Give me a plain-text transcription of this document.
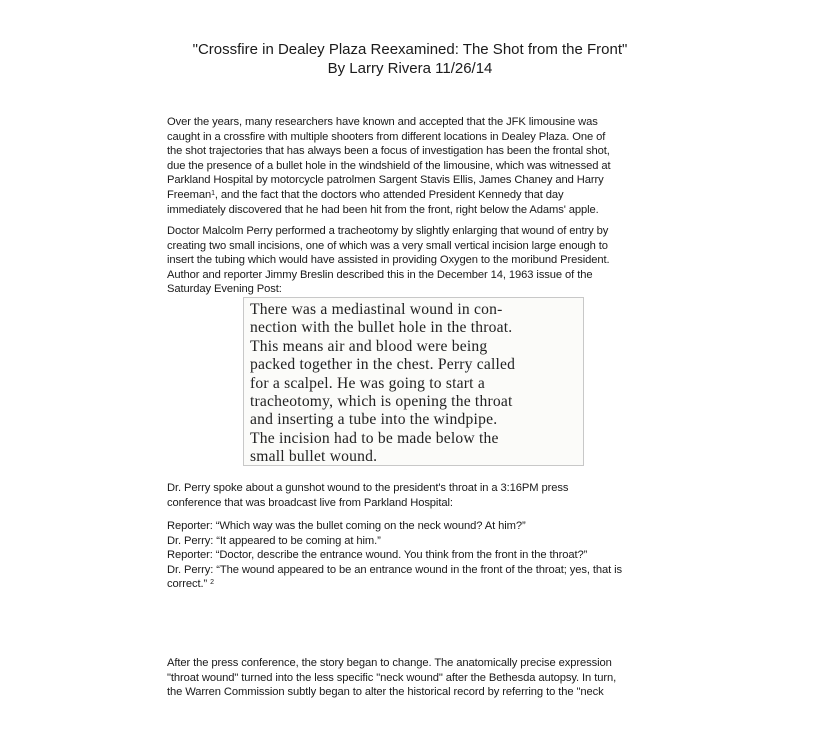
"Crossfire in Dealey Plaza Reexamined: The Shot from the Front"
By Larry Rivera 11/26/14
Over the years, many researchers have known and accepted that the JFK limousine was
caught in a crossfire with multiple shooters from different locations in Dealey Plaza. One of
the shot trajectories that has always been a focus of investigation has been the frontal shot,
due the presence of a bullet hole in the windshield of the limousine, which was witnessed at
Parkland Hospital by motorcycle patrolmen Sargent Stavis Ellis, James Chaney and Harry
Freeman$^1$, and the fact that the doctors who attended President Kennedy that day
immediately discovered that he had been hit from the front, right below the Adams' apple.
Doctor Malcolm Perry performed a tracheotomy by slightly enlarging that wound of entry by
creating two small incisions, one of which was a very small vertical incision large enough to
insert the tubing which would have assisted in providing Oxygen to the moribund President.
Author and reporter Jimmy Breslin described this in the December 14, 1963 issue of the
Saturday Evening Post:
There was a mediastinal wound in con-
nection with the bullet hole in the throat.
This means air and blood were being
packed together in the chest. Perry called
for a scalpel. He was going to start a
tracheotomy, which is opening the throat
and inserting a tube into the windpipe.
The incision had to be made below the
small bullet wound.
Dr. Perry spoke about a gunshot wound to the president's throat in a 3:16PM press
conference that was broadcast live from Parkland Hospital:
Reporter: “Which way was the bullet coming on the neck wound? At him?”
Dr. Perry: “It appeared to be coming at him.”
Reporter: “Doctor, describe the entrance wound. You think from the front in the throat?”
Dr. Perry: “The wound appeared to be an entrance wound in the front of the throat; yes, that is
correct.” $^2$
After the press conference, the story began to change. The anatomically precise expression
"throat wound" turned into the less specific "neck wound" after the Bethesda autopsy. In turn,
the Warren Commission subtly began to alter the historical record by referring to the "neck
